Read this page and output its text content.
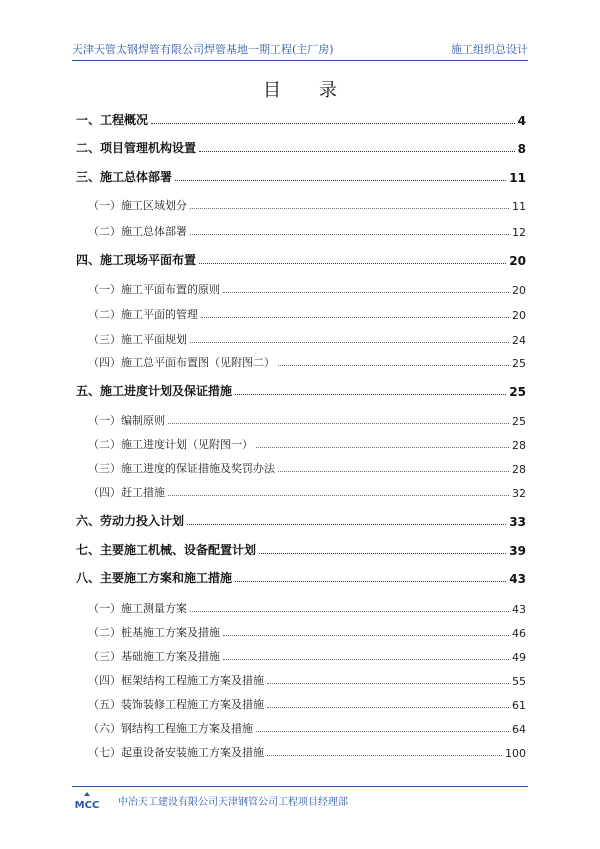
天津天管太钢焊管有限公司焊管基地一期工程(主厂房)	施工组织总设计
目录
一、工程概况	4
二、项目管理机构设置	8
三、施工总体部署	11
（一）施工区域划分	11
（二）施工总体部署	12
四、施工现场平面布置	20
（一）施工平面布置的原则	20
（二）施工平面的管理	20
（三）施工平面规划	24
（四）施工总平面布置图（见附图二）	25
五、施工进度计划及保证措施	25
（一）编制原则	25
（二）施工进度计划（见附图一）	28
（三）施工进度的保证措施及奖罚办法	28
（四）赶工措施	32
六、劳动力投入计划	33
七、主要施工机械、设备配置计划	39
八、主要施工方案和施工措施	43
（一）施工测量方案	43
（二）桩基施工方案及措施	46
（三）基础施工方案及措施	49
（四）框架结构工程施工方案及措施	55
（五）装饰装修工程施工方案及措施	61
（六）钢结构工程施工方案及措施	64
（七）起重设备安装施工方案及措施	100
MCC 中冶天工建设有限公司天津钢管公司工程项目经理部
